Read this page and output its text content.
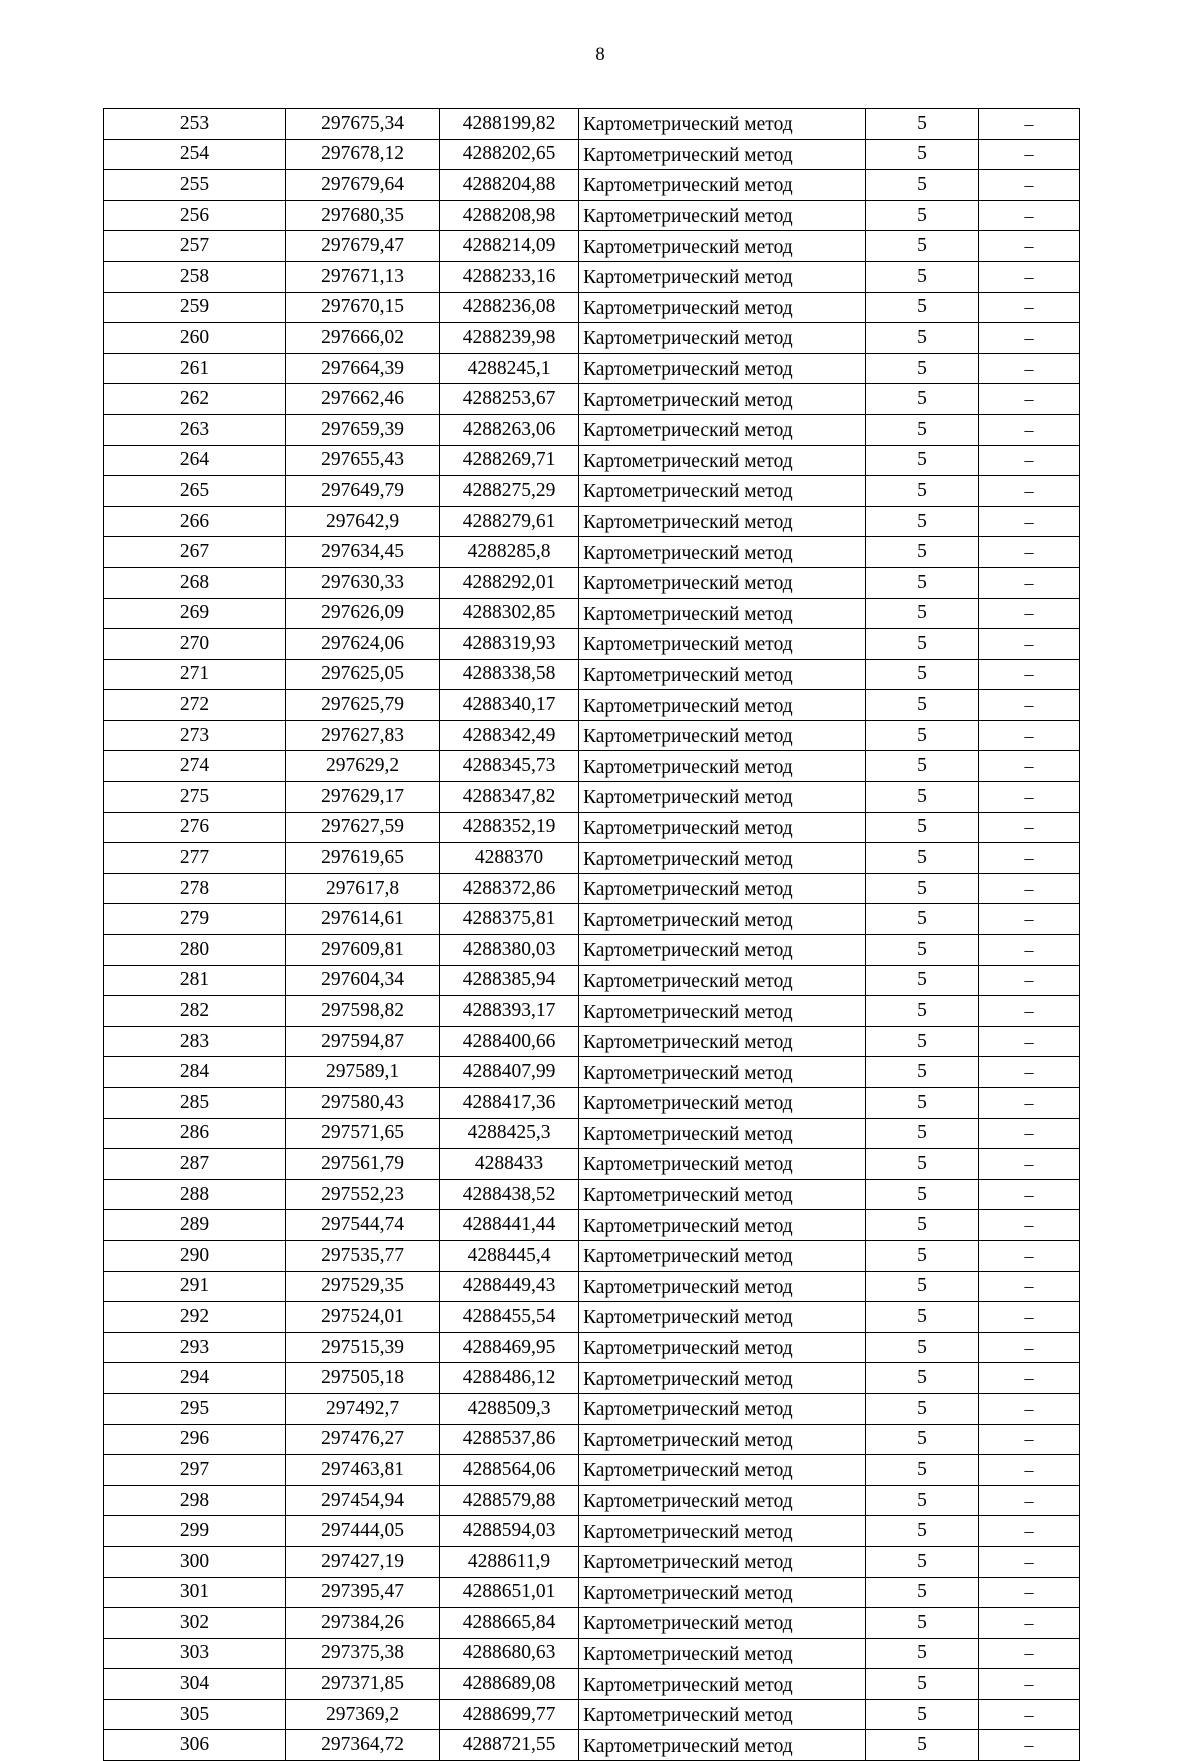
8
253	297675,34	4288199,82	Картометрический метод	5	–
254	297678,12	4288202,65	Картометрический метод	5	–
255	297679,64	4288204,88	Картометрический метод	5	–
256	297680,35	4288208,98	Картометрический метод	5	–
257	297679,47	4288214,09	Картометрический метод	5	–
258	297671,13	4288233,16	Картометрический метод	5	–
259	297670,15	4288236,08	Картометрический метод	5	–
260	297666,02	4288239,98	Картометрический метод	5	–
261	297664,39	4288245,1	Картометрический метод	5	–
262	297662,46	4288253,67	Картометрический метод	5	–
263	297659,39	4288263,06	Картометрический метод	5	–
264	297655,43	4288269,71	Картометрический метод	5	–
265	297649,79	4288275,29	Картометрический метод	5	–
266	297642,9	4288279,61	Картометрический метод	5	–
267	297634,45	4288285,8	Картометрический метод	5	–
268	297630,33	4288292,01	Картометрический метод	5	–
269	297626,09	4288302,85	Картометрический метод	5	–
270	297624,06	4288319,93	Картометрический метод	5	–
271	297625,05	4288338,58	Картометрический метод	5	–
272	297625,79	4288340,17	Картометрический метод	5	–
273	297627,83	4288342,49	Картометрический метод	5	–
274	297629,2	4288345,73	Картометрический метод	5	–
275	297629,17	4288347,82	Картометрический метод	5	–
276	297627,59	4288352,19	Картометрический метод	5	–
277	297619,65	4288370	Картометрический метод	5	–
278	297617,8	4288372,86	Картометрический метод	5	–
279	297614,61	4288375,81	Картометрический метод	5	–
280	297609,81	4288380,03	Картометрический метод	5	–
281	297604,34	4288385,94	Картометрический метод	5	–
282	297598,82	4288393,17	Картометрический метод	5	–
283	297594,87	4288400,66	Картометрический метод	5	–
284	297589,1	4288407,99	Картометрический метод	5	–
285	297580,43	4288417,36	Картометрический метод	5	–
286	297571,65	4288425,3	Картометрический метод	5	–
287	297561,79	4288433	Картометрический метод	5	–
288	297552,23	4288438,52	Картометрический метод	5	–
289	297544,74	4288441,44	Картометрический метод	5	–
290	297535,77	4288445,4	Картометрический метод	5	–
291	297529,35	4288449,43	Картометрический метод	5	–
292	297524,01	4288455,54	Картометрический метод	5	–
293	297515,39	4288469,95	Картометрический метод	5	–
294	297505,18	4288486,12	Картометрический метод	5	–
295	297492,7	4288509,3	Картометрический метод	5	–
296	297476,27	4288537,86	Картометрический метод	5	–
297	297463,81	4288564,06	Картометрический метод	5	–
298	297454,94	4288579,88	Картометрический метод	5	–
299	297444,05	4288594,03	Картометрический метод	5	–
300	297427,19	4288611,9	Картометрический метод	5	–
301	297395,47	4288651,01	Картометрический метод	5	–
302	297384,26	4288665,84	Картометрический метод	5	–
303	297375,38	4288680,63	Картометрический метод	5	–
304	297371,85	4288689,08	Картометрический метод	5	–
305	297369,2	4288699,77	Картометрический метод	5	–
306	297364,72	4288721,55	Картометрический метод	5	–
